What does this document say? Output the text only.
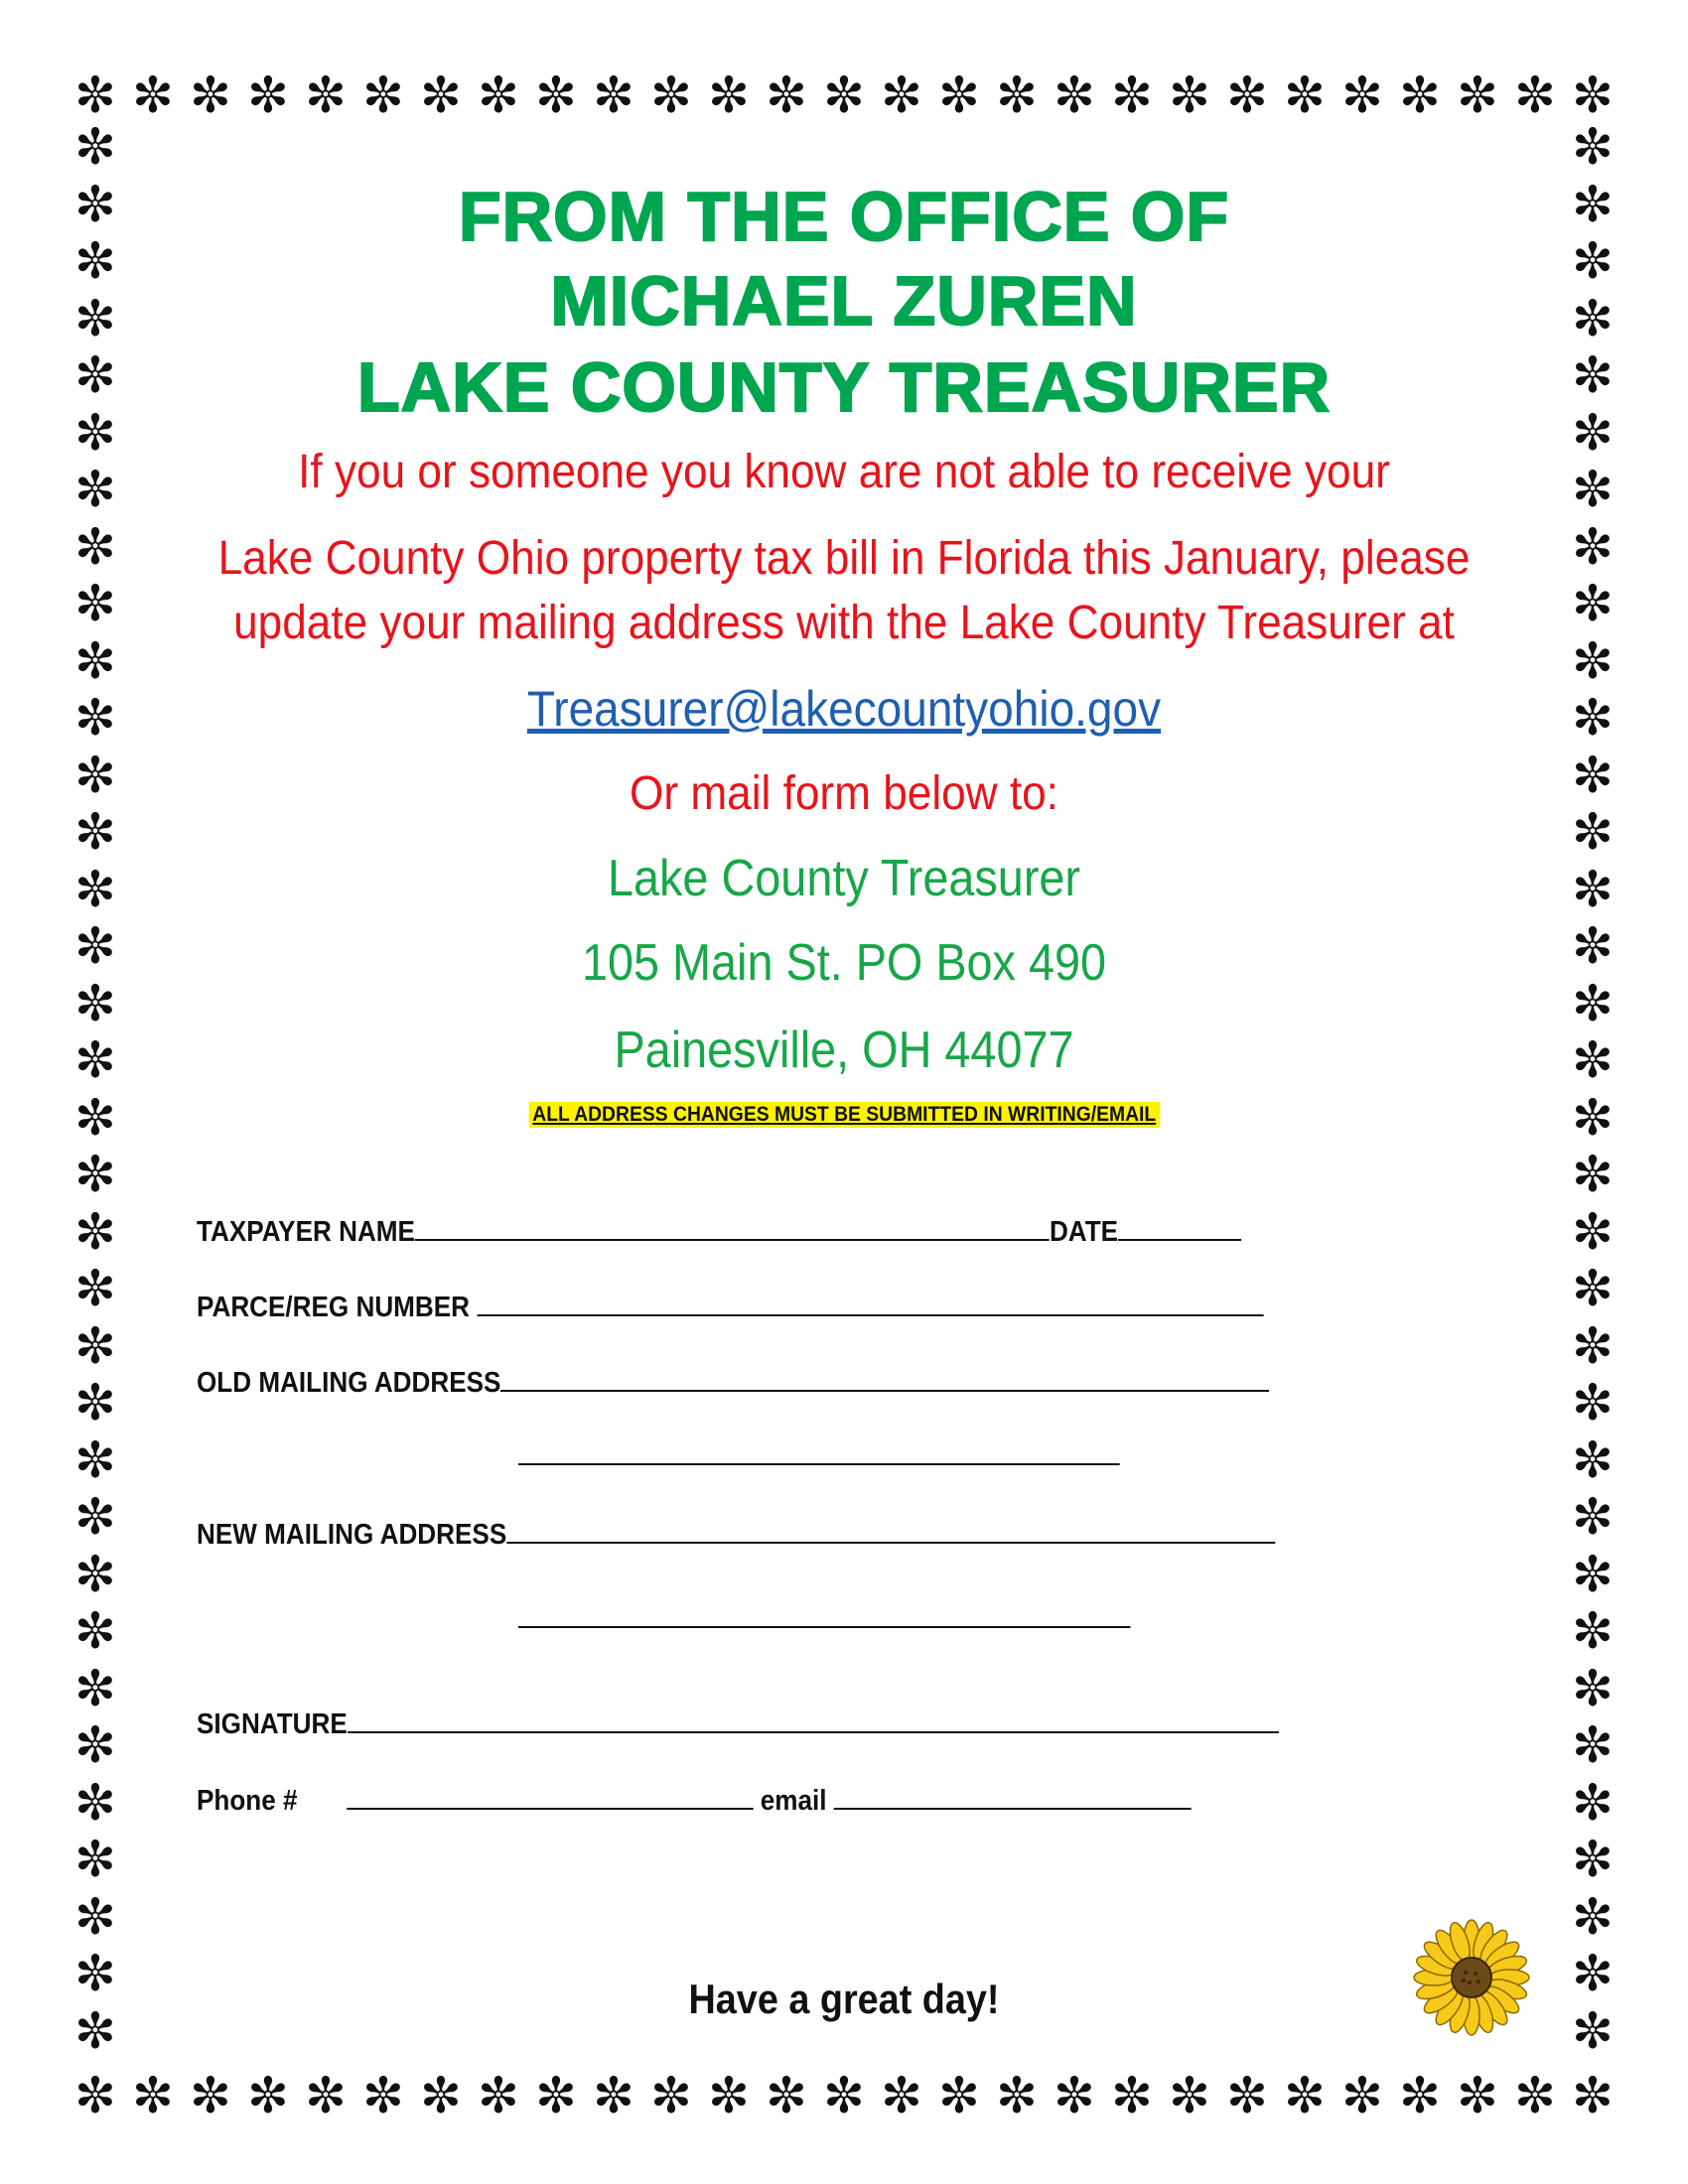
✼ ✼ ✼ ✼ ✼ ✼ ✼ ✼ ✼ ✼ ✼ ✼ ✼ ✼ ✼ ✼ ✼ ✼ ✼ ✼ ✼ ✼ ✼ ✼ ✼ ✼ ✼
✼ ✼ ✼ ✼ ✼ ✼ ✼ ✼ ✼ ✼ ✼ ✼ ✼ ✼ ✼ ✼ ✼ ✼ ✼ ✼ ✼ ✼ ✼ ✼ ✼ ✼ ✼
✼
✼
✼
✼
✼
✼
✼
✼
✼
✼
✼
✼
✼
✼
✼
✼
✼
✼
✼
✼
✼
✼
✼
✼
✼
✼
✼
✼
✼
✼
✼
✼
✼
✼
✼
✼
✼
✼
✼
✼
✼
✼
✼
✼
✼
✼
✼
✼
✼
✼
✼
✼
✼
✼
✼
✼
✼
✼
✼
✼
✼
✼
✼
✼
✼
✼
✼
✼
FROM THE OFFICE OF
MICHAEL ZUREN
LAKE COUNTY TREASURER
If you or someone you know are not able to receive your
Lake County Ohio property tax bill in Florida this January, please
update your mailing address with the Lake County Treasurer at
Treasurer@lakecountyohio.gov
Or mail form below to:
Lake County Treasurer
105 Main St. PO Box 490
Painesville, OH 44077
ALL ADDRESS CHANGES MUST BE SUBMITTED IN WRITING/EMAIL
TAXPAYER NAME	DATE
PARCE/REG NUMBER
OLD MAILING ADDRESS
NEW MAILING ADDRESS
SIGNATURE
Phone #	email
Have a great day!
